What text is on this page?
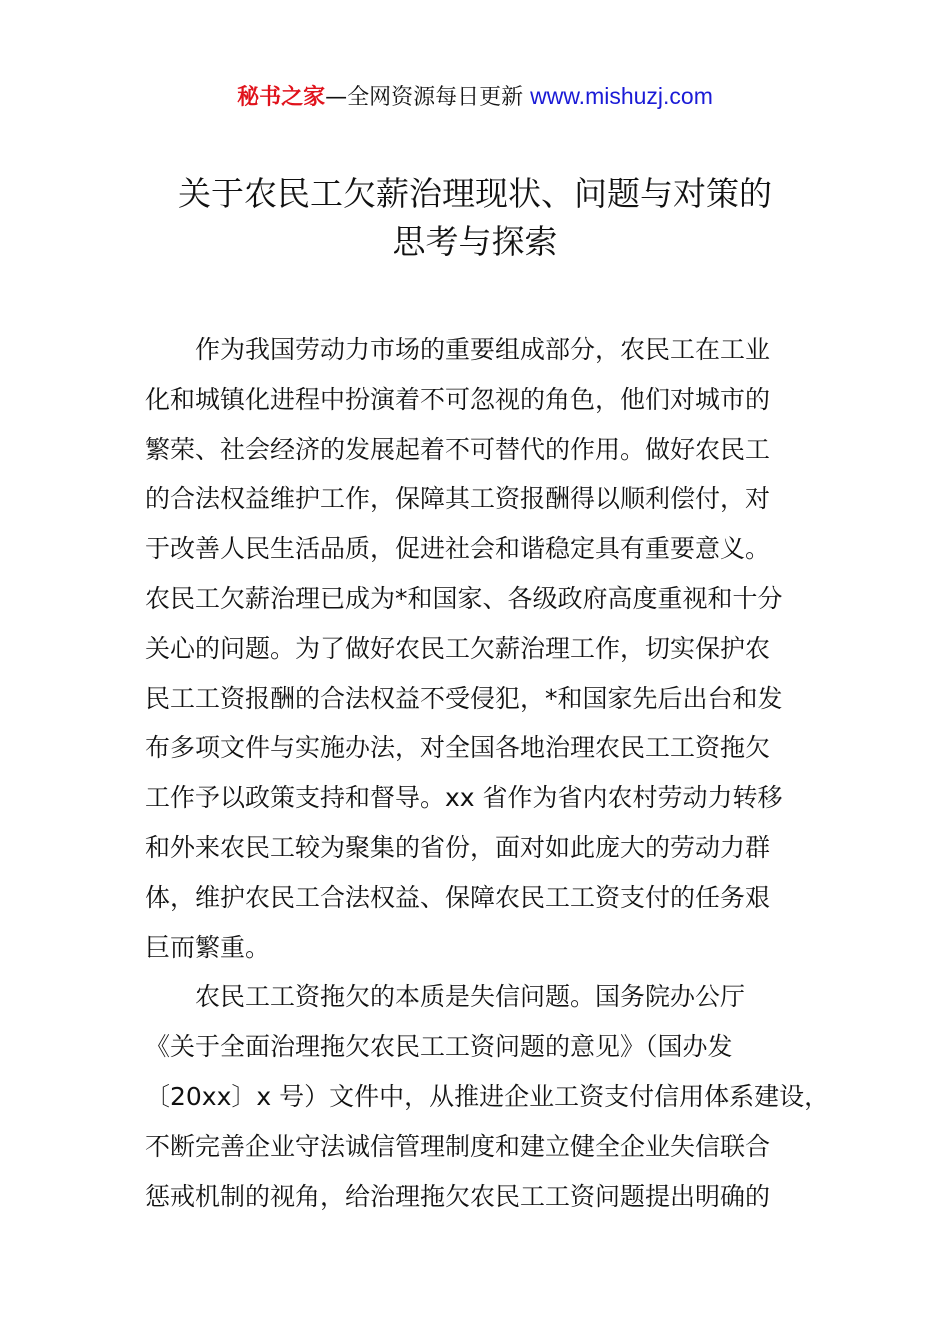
秘书之家—全网资源每日更新 www.mishuzj.com
关于农民工欠薪治理现状、问题与对策的
思考与探索
作为我国劳动力市场的重要组成部分，农民工在工业
化和城镇化进程中扮演着不可忽视的角色，他们对城市的
繁荣、社会经济的发展起着不可替代的作用。做好农民工
的合法权益维护工作，保障其工资报酬得以顺利偿付，对
于改善人民生活品质，促进社会和谐稳定具有重要意义。
农民工欠薪治理已成为*和国家、各级政府高度重视和十分
关心的问题。为了做好农民工欠薪治理工作，切实保护农
民工工资报酬的合法权益不受侵犯，*和国家先后出台和发
布多项文件与实施办法，对全国各地治理农民工工资拖欠
工作予以政策支持和督导。xx 省作为省内农村劳动力转移
和外来农民工较为聚集的省份，面对如此庞大的劳动力群
体，维护农民工合法权益、保障农民工工资支付的任务艰
巨而繁重。
农民工工资拖欠的本质是失信问题。国务院办公厅
《关于全面治理拖欠农民工工资问题的意见》（国办发
〔20xx〕x 号）文件中，从推进企业工资支付信用体系建设，
不断完善企业守法诚信管理制度和建立健全企业失信联合
惩戒机制的视角，给治理拖欠农民工工资问题提出明确的
